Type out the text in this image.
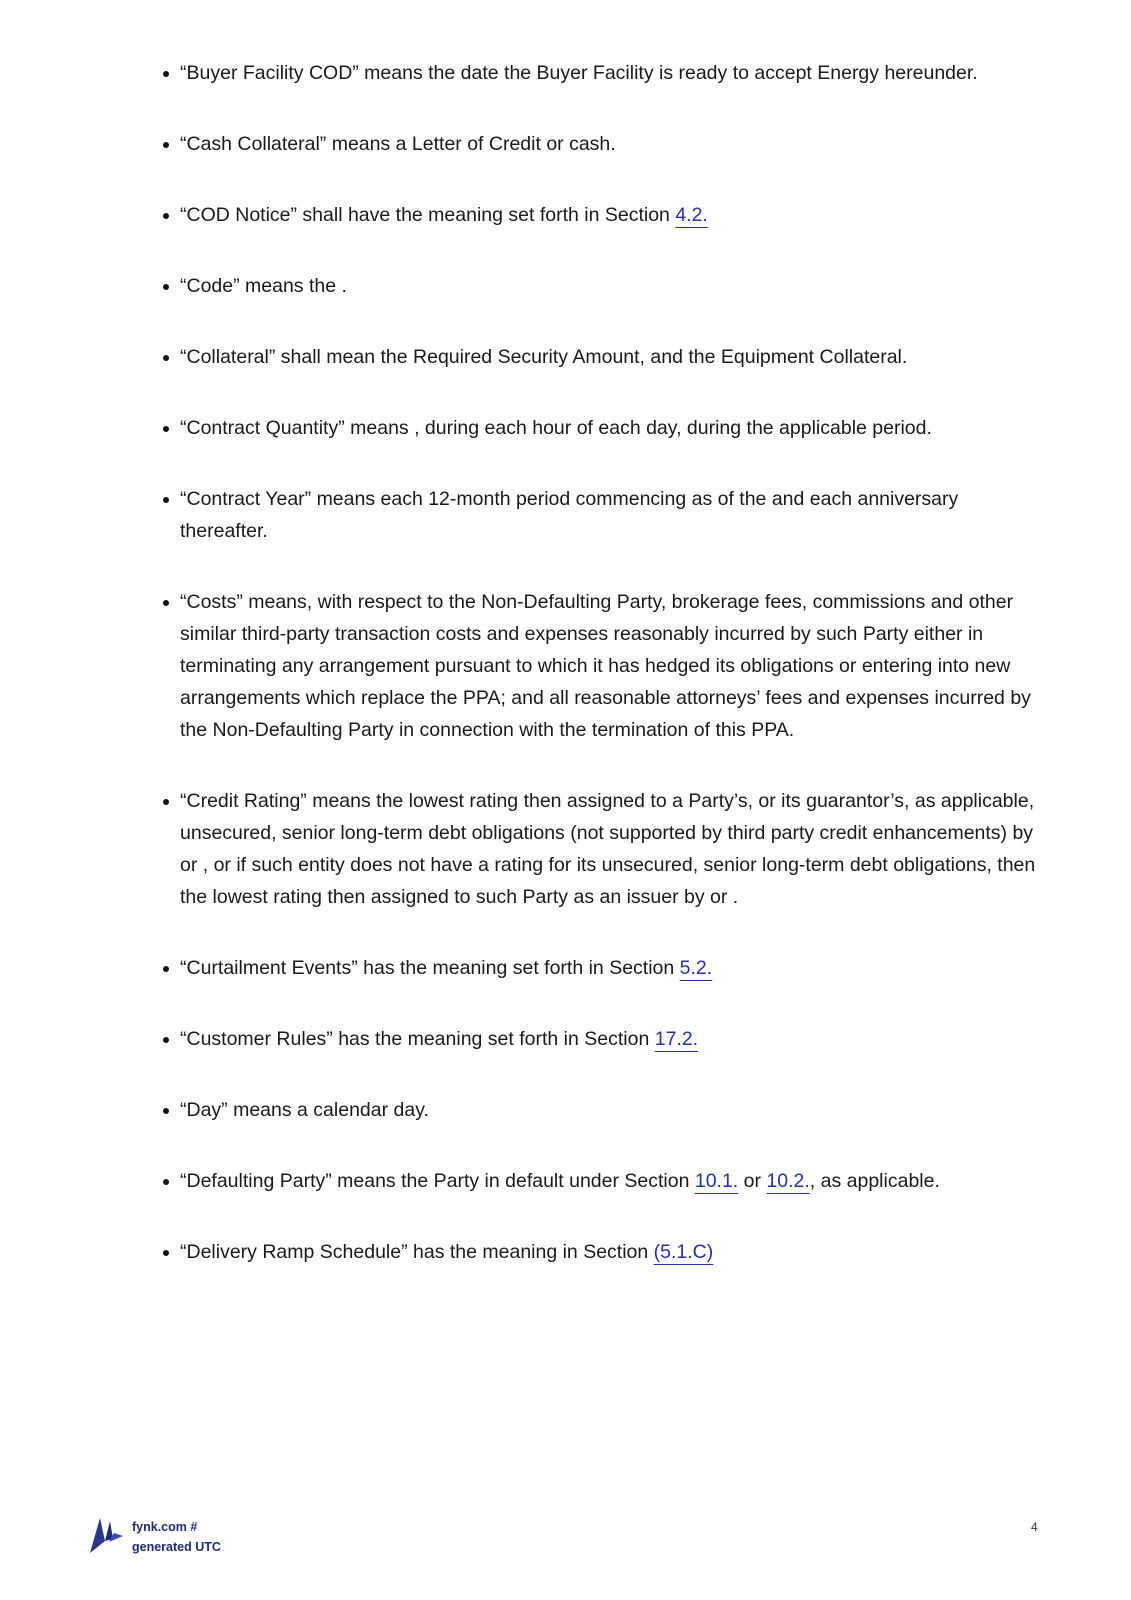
“Buyer Facility COD” means the date the Buyer Facility is ready to accept Energy hereunder.
“Cash Collateral” means a Letter of Credit or cash.
“COD Notice” shall have the meaning set forth in Section 4.2.
“Code” means the .
“Collateral” shall mean the Required Security Amount, and the Equipment Collateral.
“Contract Quantity” means , during each hour of each day, during the applicable period.
“Contract Year” means each 12-month period commencing as of the and each anniversary thereafter.
“Costs” means, with respect to the Non-Defaulting Party, brokerage fees, commissions and other similar third-party transaction costs and expenses reasonably incurred by such Party either in terminating any arrangement pursuant to which it has hedged its obligations or entering into new arrangements which replace the PPA; and all reasonable attorneys’ fees and expenses incurred by the Non-Defaulting Party in connection with the termination of this PPA.
“Credit Rating” means the lowest rating then assigned to a Party’s, or its guarantor’s, as applicable, unsecured, senior long-term debt obligations (not supported by third party credit enhancements) by or , or if such entity does not have a rating for its unsecured, senior long-term debt obligations, then the lowest rating then assigned to such Party as an issuer by or .
“Curtailment Events” has the meaning set forth in Section 5.2.
“Customer Rules” has the meaning set forth in Section 17.2.
“Day” means a calendar day.
“Defaulting Party” means the Party in default under Section 10.1. or 10.2., as applicable.
“Delivery Ramp Schedule” has the meaning in Section (5.1.C)
fynk.com #
generated UTC
4
